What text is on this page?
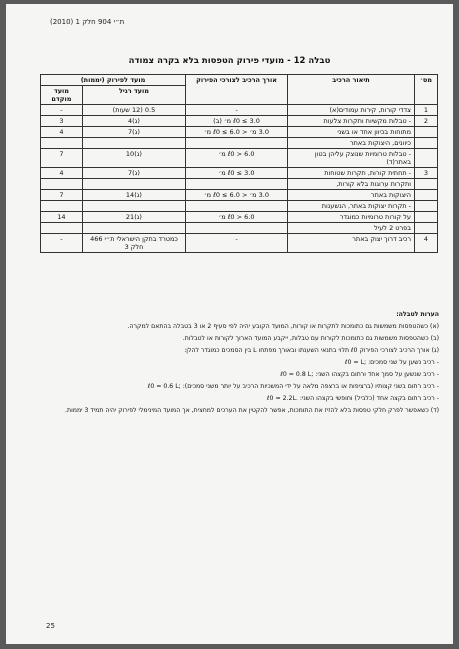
(2010) 1 ת״י 904 חלק
טבלה 12 - מועדי פירוק הטפסות בלא בקרה צמודה
מס׳	תיאור הרכיב	אורך הרכיב לצורכי הפירוק	מועד לפירוק (יממות)	
			מועד רגיל	מועד מוקדם
1	צדדי קורות, קירות עמודים(א)	-	0.5 (12 שעות)	-
2	- טבלות מקשיות ותקרות צלעות	ℓ0 ≤ 3.0 מ׳ (ב)	(ג)4	3
	מתוחות בכיוון אחד או בשני	3.0 מ׳ < ℓ0 ≤ 6.0 מ׳	(ג)7	4
	כיוונים, היצוקות באתר			
	- טבלות טרומיות שנוצק עליהן בטון באתר(ד)	ℓ0 > 6.0 מ׳	(ג)10	7
3	- תחתית קורות, תקרות שטוחות	ℓ0 ≤ 3.0 מ׳	(ג)7	4
	ותקרות ערוגות בלא קורות,			
	היצוקות באתר	3.0 מ׳ < ℓ0 ≤ 6.0 מ׳	(ג)14	7
	- תקרות יצוקות באתר, הנשענות			
	על קורות טרומיות כמוגדר	ℓ0 > 6.0 מ׳	(ג)21	14
	בפרט 2 לעיל			
4	רכיב דרוך יצוק באתר	-	כמטרד בתקן הישראלי ת״י 466 חלק 3	-
הערות לטבלה:
(א) כשהטפסות משמשות גם כתומכות לתקרות או קורות, המועד הקובע יהיה לפי סעיף 2 או 3 בטבלה בהתאם למקרה.
(ב) כשהטפסות משמשות גם כתומכות לקורות עם טבלות, ייקבע המועד הארוך לקורות או לטבלות.
(ג) אורך הרכיב לצורכי הפירוק ℓ0 תלוי בתנאי השענתו ובאורך מפתחו L בין הסמכים כמוגדר להלן:
- רכיב נשען על שני סמכים: ;ℓ0 = L
- רכיב שנשען על סמך אחד ורתום בקצהו השני: ;ℓ0 = 0.8 L
- רכיב רתום בשני קצותיו (ברציפות או ברצפה מלאה על ידי המשכיות הרכיב על יותר משני סמכים): ;ℓ0 = 0.6 L
- רכיב רתום בקצה אחד (כלביל) וחופשי בקצהו השני: .ℓ0 = 2.2L
(ד) כשאפשר לפרק חלקי טפסות בלא להזיז את התומכות, אפשר להקטין את הערכים למחצית, אך המועד המינימלי לפירוק יהיה תמיד 3 יממות.
25
